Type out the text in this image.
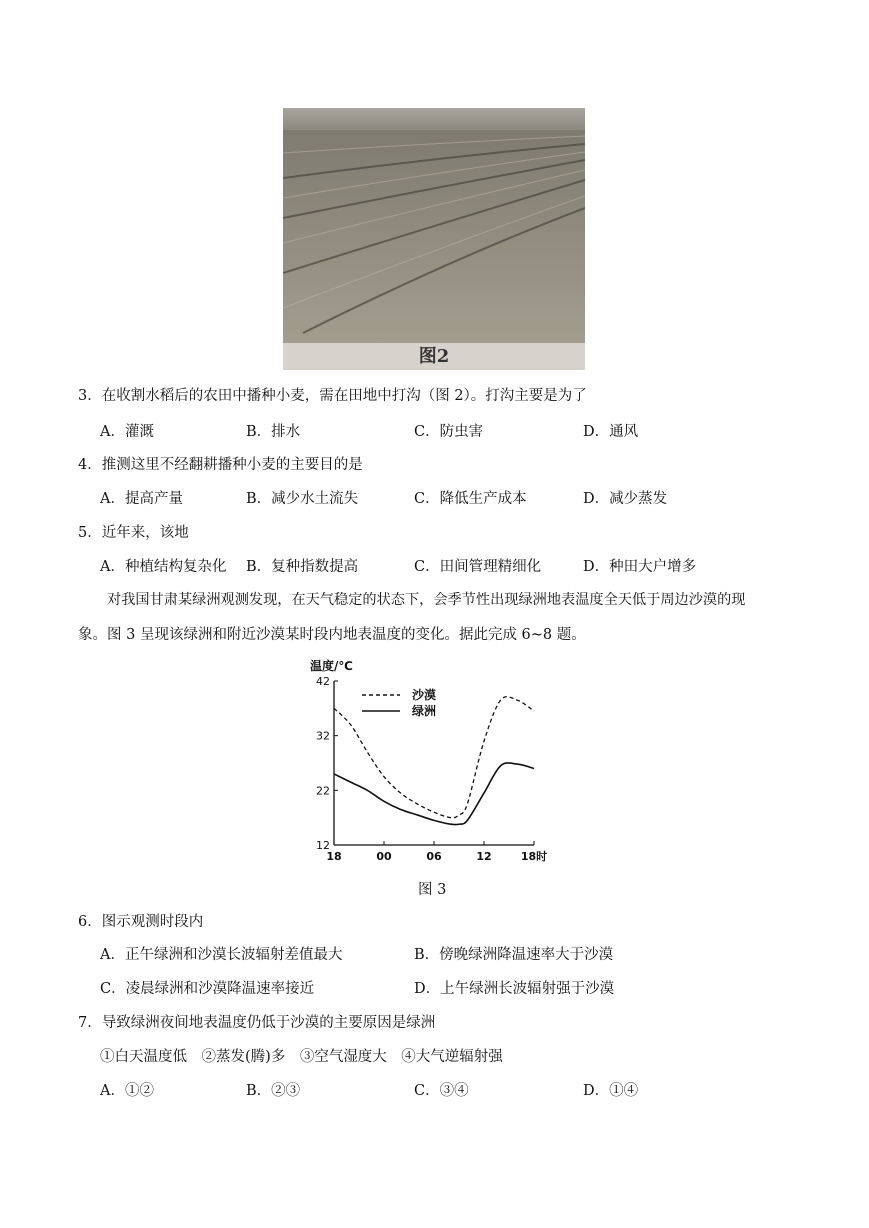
图2
3．在收割水稻后的农田中播种小麦，需在田地中打沟（图 2）。打沟主要是为了
A．灌溉	B．排水	C．防虫害	D．通风
4．推测这里不经翻耕播种小麦的主要目的是
A．提高产量	B．减少水土流失	C．降低生产成本	D．减少蒸发
5．近年来，该地
A．种植结构复杂化 B．复种指数提高	C．田间管理精细化	D．种田大户增多
对我国甘肃某绿洲观测发现，在天气稳定的状态下，会季节性出现绿洲地表温度全天低于周边沙漠的现
象。图 3 呈现该绿洲和附近沙漠某时段内地表温度的变化。据此完成 6~8 题。
温度/℃
12
22
32
42
18	00	06	12	18时
沙漠
绿洲
图 3
6．图示观测时段内
A．正午绿洲和沙漠长波辐射差值最大	B．傍晚绿洲降温速率大于沙漠
C．凌晨绿洲和沙漠降温速率接近	D．上午绿洲长波辐射强于沙漠
7．导致绿洲夜间地表温度仍低于沙漠的主要原因是绿洲
①白天温度低　②蒸发(腾)多　③空气湿度大　④大气逆辐射强
A．①②	B．②③	C．③④	D．①④
